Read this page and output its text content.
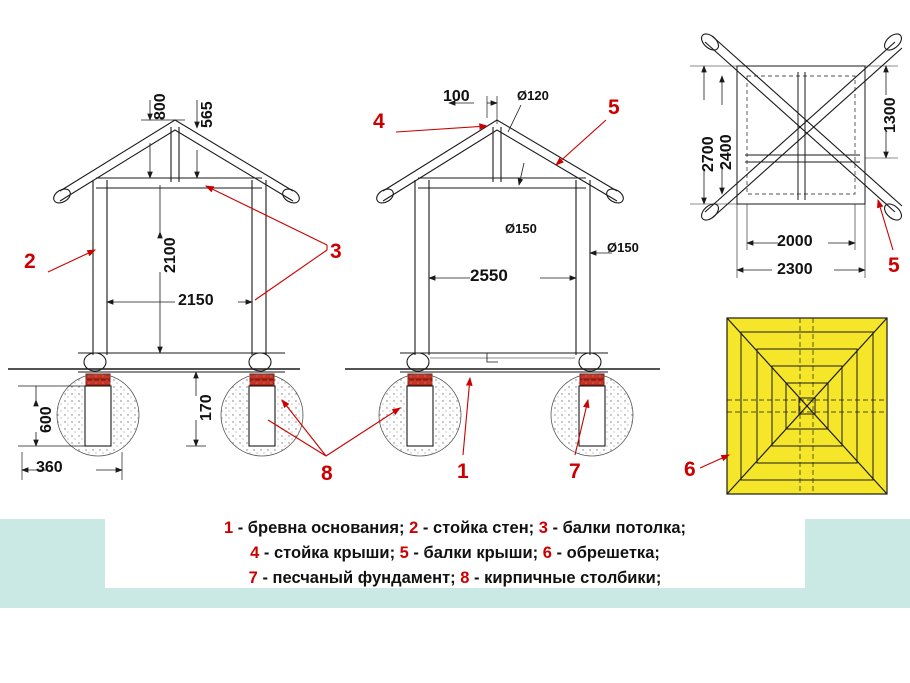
800 565
2100
2150
600	170
360
100	Ø120
Ø150
Ø150
2550
2700 2400
1300
2000
2300
2	3
8
4
5
1	7
5
6
1 - бревна основания; 2 - стойка стен; 3 - балки потолка;
4 - стойка крыши; 5 - балки крыши; 6 - обрешетка;
7 - песчаный фундамент; 8 - кирпичные столбики;
